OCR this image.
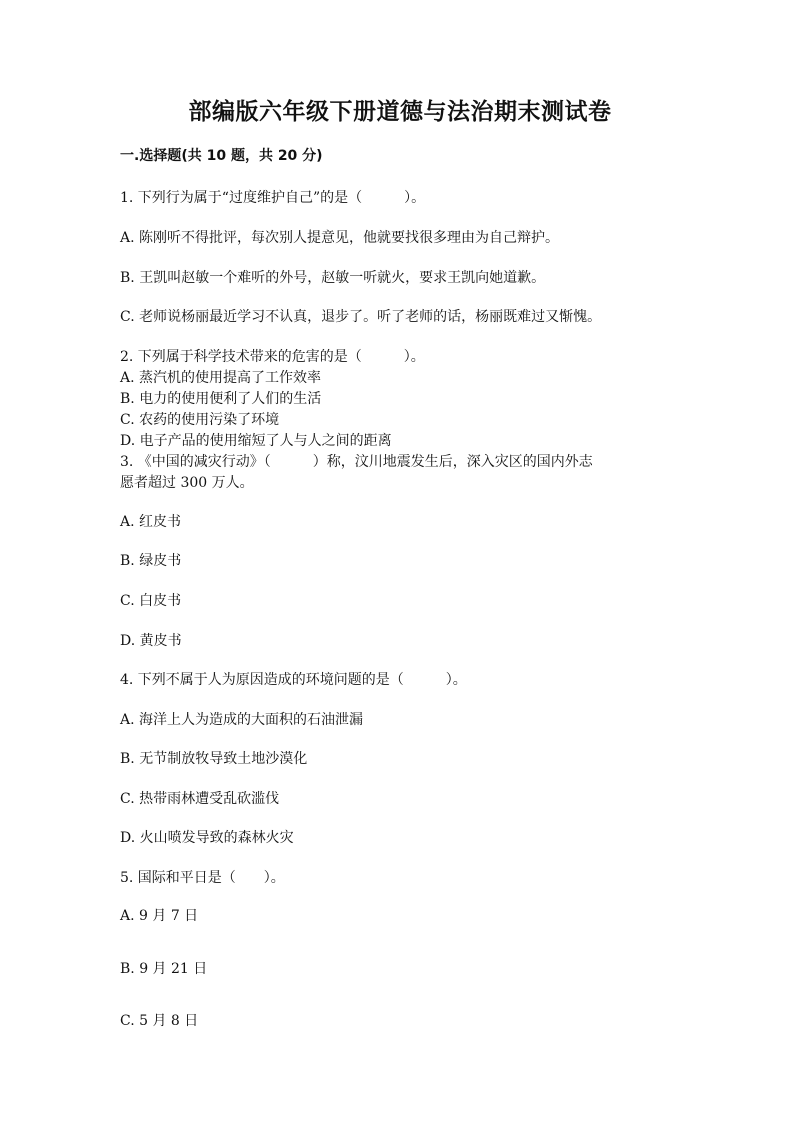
部编版六年级下册道德与法治期末测试卷
一.选择题(共 10 题，共 20 分)
1. 下列行为属于“过度维护自己”的是（　　　）。
A. 陈刚听不得批评，每次别人提意见，他就要找很多理由为自己辩护。
B. 王凯叫赵敏一个难听的外号，赵敏一听就火，要求王凯向她道歉。
C. 老师说杨丽最近学习不认真，退步了。听了老师的话，杨丽既难过又惭愧。
2. 下列属于科学技术带来的危害的是（　　　）。
A. 蒸汽机的使用提高了工作效率
B. 电力的使用便利了人们的生活
C. 农药的使用污染了环境
D. 电子产品的使用缩短了人与人之间的距离
3. 《中国的减灾行动》（　　　）称，汶川地震发生后，深入灾区的国内外志
愿者超过 300 万人。
A. 红皮书
B. 绿皮书
C. 白皮书
D. 黄皮书
4. 下列不属于人为原因造成的环境问题的是（　　　）。
A. 海洋上人为造成的大面积的石油泄漏
B. 无节制放牧导致土地沙漠化
C. 热带雨林遭受乱砍滥伐
D. 火山喷发导致的森林火灾
5. 国际和平日是（　　）。
A. 9 月 7 日
B. 9 月 21 日
C. 5 月 8 日
